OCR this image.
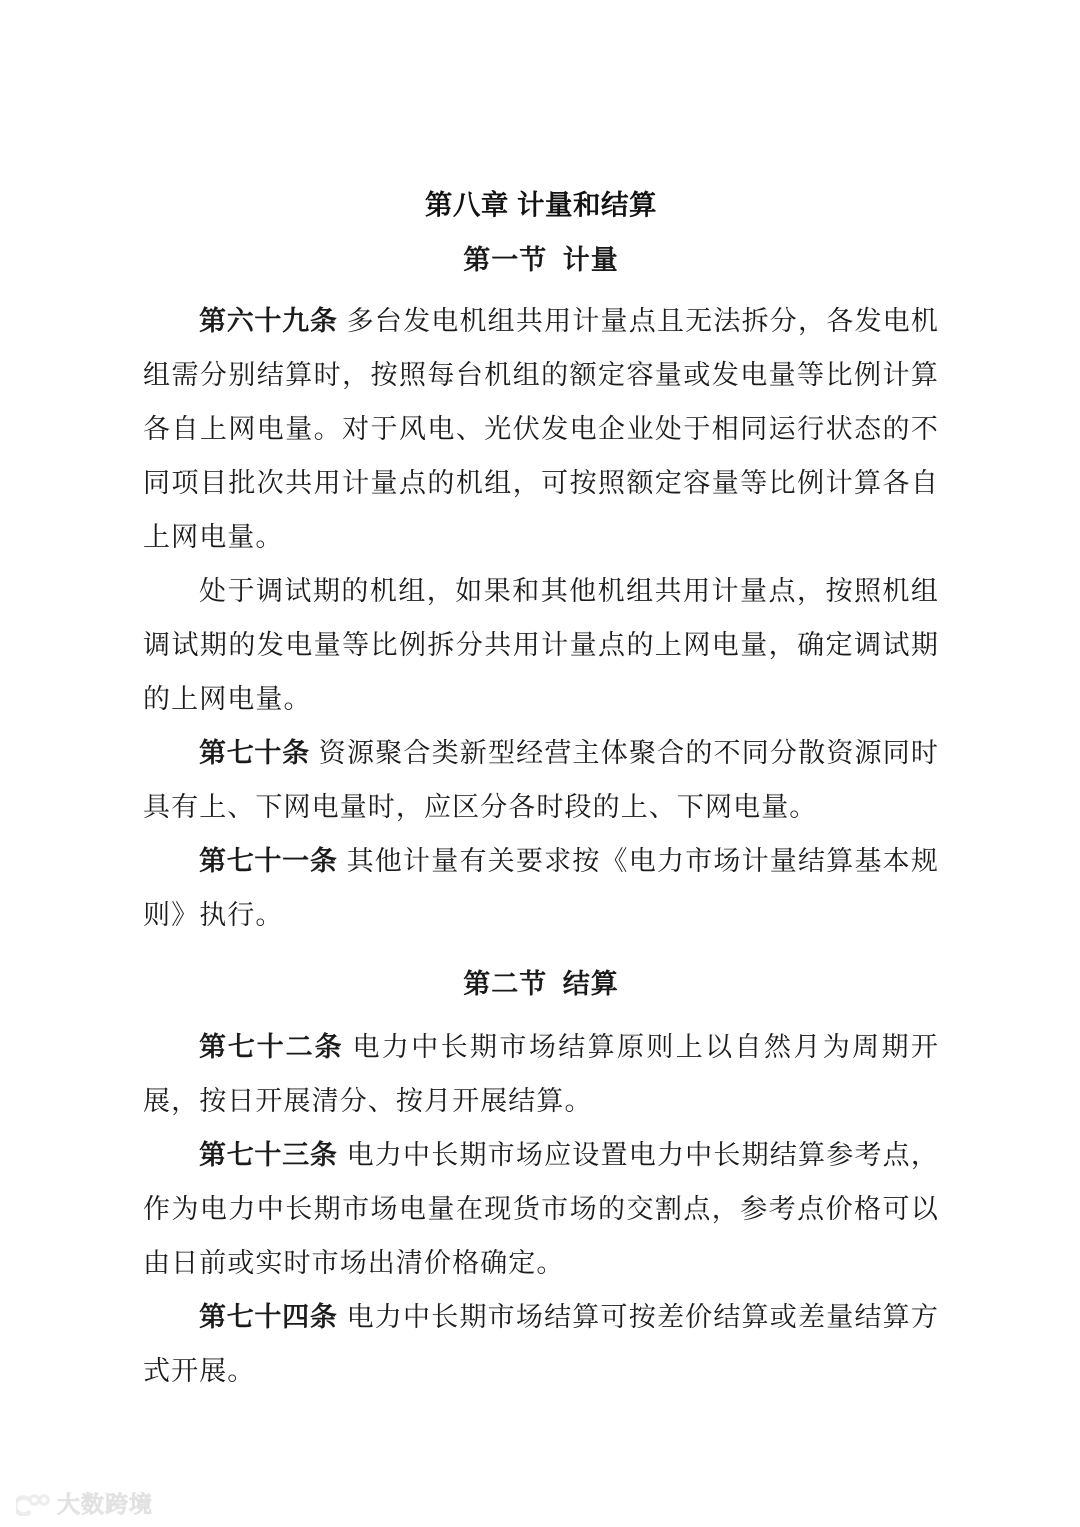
第八章 计量和结算
第一节  计量

第六十九条 多台发电机组共用计量点且无法拆分，各发电机组需分别结算时，按照每台机组的额定容量或发电量等比例计算各自上网电量。对于风电、光伏发电企业处于相同运行状态的不同项目批次共用计量点的机组，可按照额定容量等比例计算各自上网电量。

处于调试期的机组，如果和其他机组共用计量点，按照机组调试期的发电量等比例拆分共用计量点的上网电量，确定调试期的上网电量。

第七十条 资源聚合类新型经营主体聚合的不同分散资源同时具有上、下网电量时，应区分各时段的上、下网电量。

第七十一条 其他计量有关要求按《电力市场计量结算基本规则》执行。

第二节  结算

第七十二条 电力中长期市场结算原则上以自然月为周期开展，按日开展清分、按月开展结算。

第七十三条 电力中长期市场应设置电力中长期结算参考点，作为电力中长期市场电量在现货市场的交割点，参考点价格可以由日前或实时市场出清价格确定。

第七十四条 电力中长期市场结算可按差价结算或差量结算方式开展。

大数跨境
